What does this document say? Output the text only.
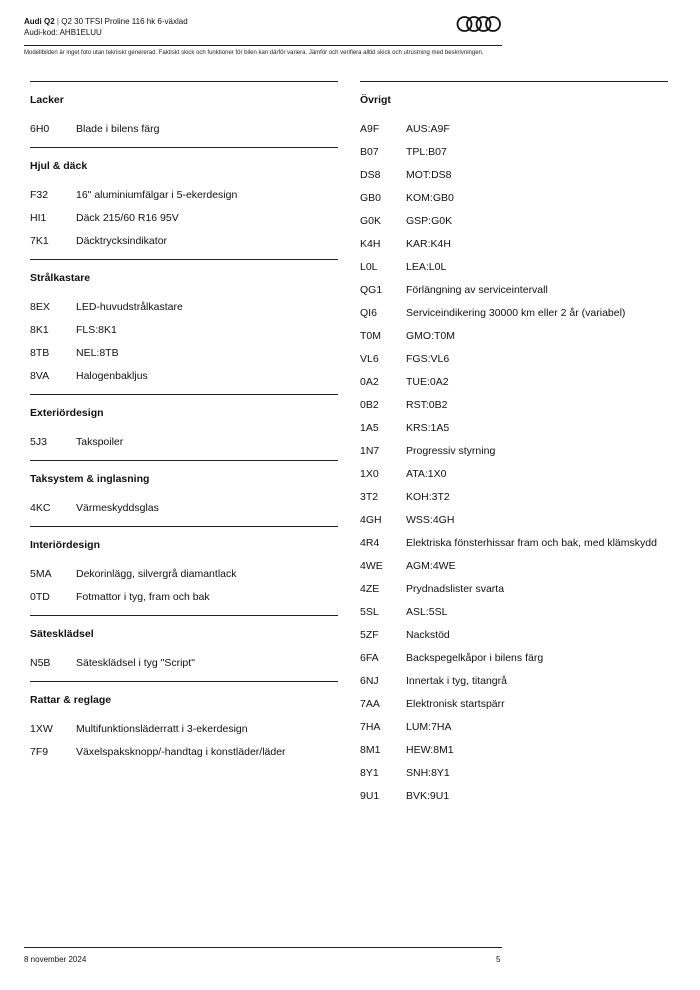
Audi Q2 | Q2 30 TFSI Proline 116 hk 6-växlad
Audi-kod: AHB1ELUU
Modellbilden är inget foto utan tekniskt genererad. Faktiskt skick och funktioner för bilen kan därför variera. Jämför och verifiera alltid skick och utrustning med beskrivningen.
Lacker
6H0	Blade i bilens färg
Hjul & däck
F32	16" aluminiumfälgar i 5-ekerdesign
HI1	Däck 215/60 R16 95V
7K1	Däcktrycksindikator
Strålkastare
8EX	LED-huvudstrålkastare
8K1	FLS:8K1
8TB	NEL:8TB
8VA	Halogenbakljus
Exteriördesign
5J3	Takspoiler
Taksystem & inglasning
4KC	Värmeskyddsglas
Interiördesign
5MA	Dekorinlägg, silvergrå diamantlack
0TD	Fotmattor i tyg, fram och bak
Sätesklädsel
N5B	Sätesklädsel i tyg "Script"
Rattar & reglage
1XW	Multifunktionsläderratt i 3-ekerdesign
7F9	Växelspaksknopp/-handtag i konstläder/läder
Övrigt
A9F	AUS:A9F
B07	TPL:B07
DS8	MOT:DS8
GB0	KOM:GB0
G0K	GSP:G0K
K4H	KAR:K4H
L0L	LEA:L0L
QG1	Förlängning av serviceintervall
QI6	Serviceindikering 30000 km eller 2 år (variabel)
T0M	GMO:T0M
VL6	FGS:VL6
0A2	TUE:0A2
0B2	RST:0B2
1A5	KRS:1A5
1N7	Progressiv styrning
1X0	ATA:1X0
3T2	KOH:3T2
4GH	WSS:4GH
4R4	Elektriska fönsterhissar fram och bak, med klämskydd
4WE	AGM:4WE
4ZE	Prydnadslister svarta
5SL	ASL:5SL
5ZF	Nackstöd
6FA	Backspegelkåpor i bilens färg
6NJ	Innertak i tyg, titangrå
7AA	Elektronisk startspärr
7HA	LUM:7HA
8M1	HEW:8M1
8Y1	SNH:8Y1
9U1	BVK:9U1
8 november 2024	5
